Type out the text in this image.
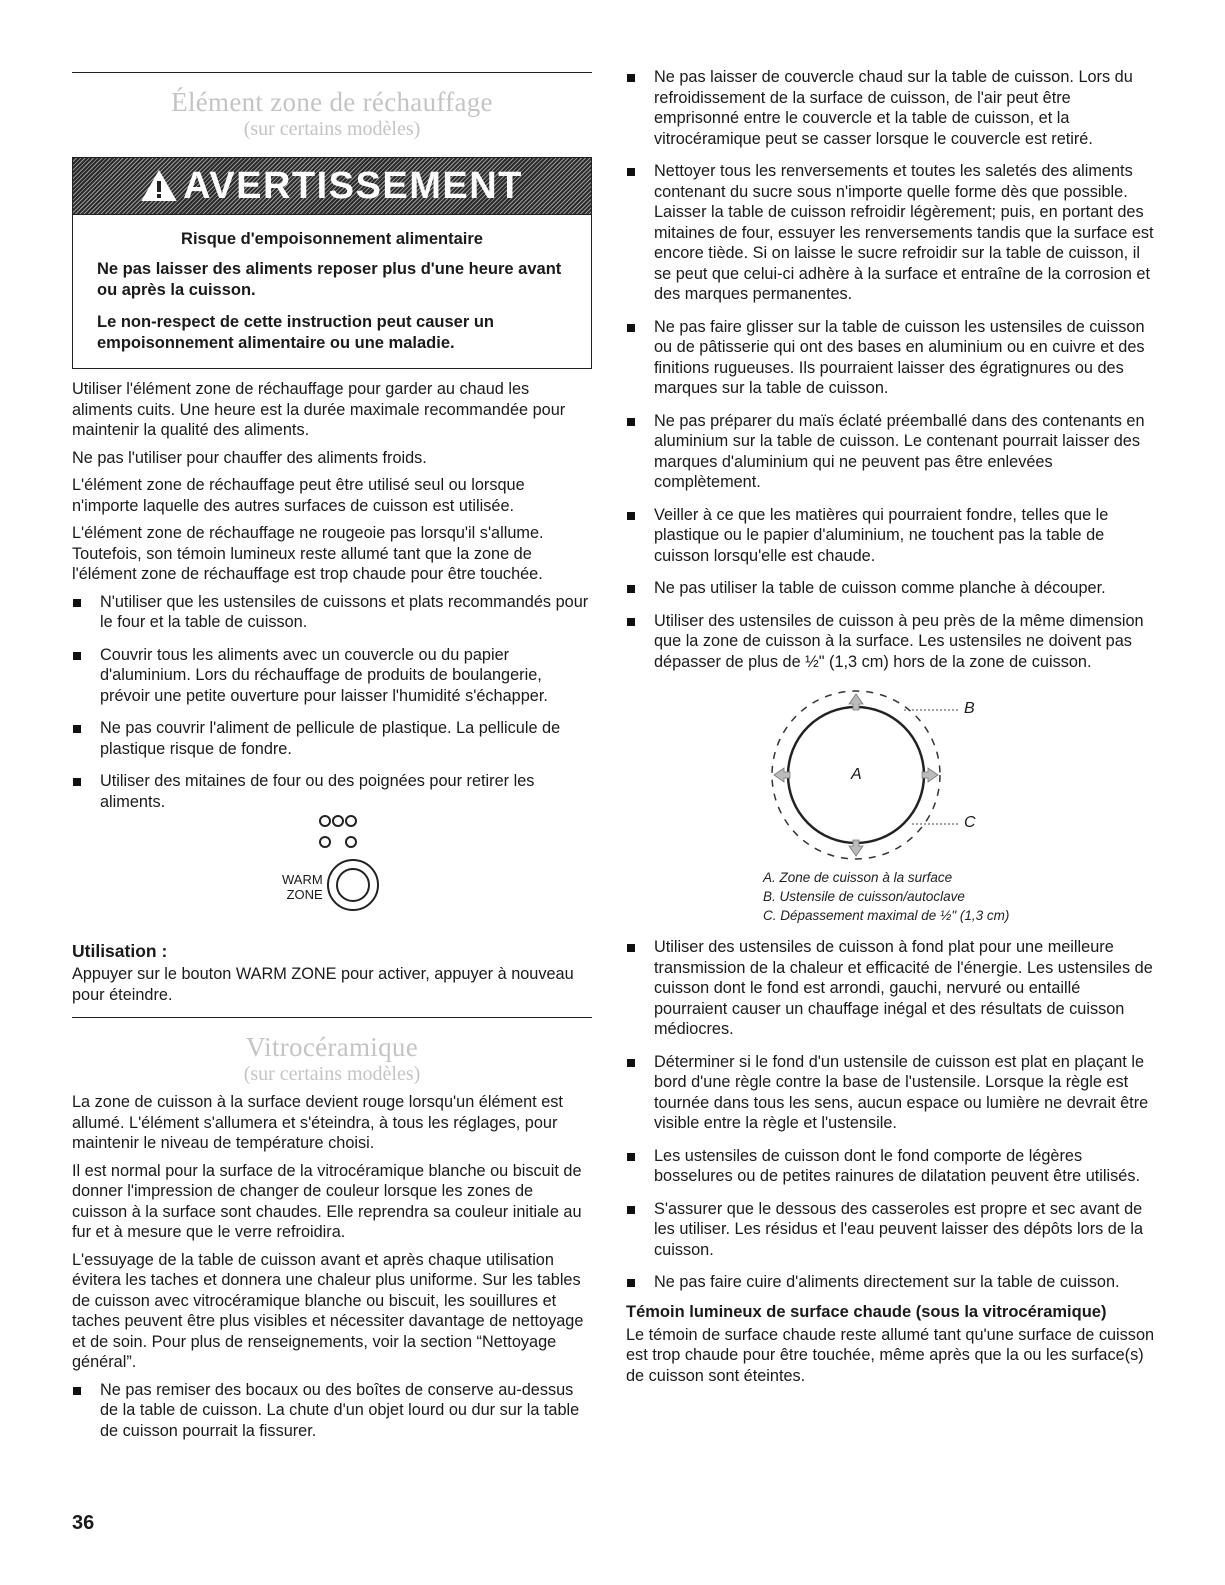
Élément zone de réchauffage
(sur certains modèles)
AVERTISSEMENT

Risque d'empoisonnement alimentaire

Ne pas laisser des aliments reposer plus d'une heure avant ou après la cuisson.

Le non-respect de cette instruction peut causer un empoisonnement alimentaire ou une maladie.

Utiliser l'élément zone de réchauffage pour garder au chaud les aliments cuits. Une heure est la durée maximale recommandée pour maintenir la qualité des aliments.

Ne pas l'utiliser pour chauffer des aliments froids.

L'élément zone de réchauffage peut être utilisé seul ou lorsque n'importe laquelle des autres surfaces de cuisson est utilisée.

L'élément zone de réchauffage ne rougeoie pas lorsqu'il s'allume. Toutefois, son témoin lumineux reste allumé tant que la zone de l'élément zone de réchauffage est trop chaude pour être touchée.

N'utiliser que les ustensiles de cuissons et plats recommandés pour le four et la table de cuisson.
Couvrir tous les aliments avec un couvercle ou du papier d'aluminium. Lors du réchauffage de produits de boulangerie, prévoir une petite ouverture pour laisser l'humidité s'échapper.
Ne pas couvrir l'aliment de pellicule de plastique. La pellicule de plastique risque de fondre.
Utiliser des mitaines de four ou des poignées pour retirer les aliments.
WARM
ZONE
Utilisation :

Appuyer sur le bouton WARM ZONE pour activer, appuyer à nouveau pour éteindre.

Vitrocéramique
(sur certains modèles)

La zone de cuisson à la surface devient rouge lorsqu'un élément est allumé. L'élément s'allumera et s'éteindra, à tous les réglages, pour maintenir le niveau de température choisi.

Il est normal pour la surface de la vitrocéramique blanche ou biscuit de donner l'impression de changer de couleur lorsque les zones de cuisson à la surface sont chaudes. Elle reprendra sa couleur initiale au fur et à mesure que le verre refroidira.

L'essuyage de la table de cuisson avant et après chaque utilisation évitera les taches et donnera une chaleur plus uniforme. Sur les tables de cuisson avec vitrocéramique blanche ou biscuit, les souillures et taches peuvent être plus visibles et nécessiter davantage de nettoyage et de soin. Pour plus de renseignements, voir la section “Nettoyage général”.

Ne pas remiser des bocaux ou des boîtes de conserve au-dessus de la table de cuisson. La chute d'un objet lourd ou dur sur la table de cuisson pourrait la fissurer.
Ne pas laisser de couvercle chaud sur la table de cuisson. Lors du refroidissement de la surface de cuisson, de l'air peut être emprisonné entre le couvercle et la table de cuisson, et la vitrocéramique peut se casser lorsque le couvercle est retiré.
Nettoyer tous les renversements et toutes les saletés des aliments contenant du sucre sous n'importe quelle forme dès que possible. Laisser la table de cuisson refroidir légèrement; puis, en portant des mitaines de four, essuyer les renversements tandis que la surface est encore tiède. Si on laisse le sucre refroidir sur la table de cuisson, il se peut que celui-ci adhère à la surface et entraîne de la corrosion et des marques permanentes.
Ne pas faire glisser sur la table de cuisson les ustensiles de cuisson ou de pâtisserie qui ont des bases en aluminium ou en cuivre et des finitions rugueuses. Ils pourraient laisser des égratignures ou des marques sur la table de cuisson.
Ne pas préparer du maïs éclaté préemballé dans des contenants en aluminium sur la table de cuisson. Le contenant pourrait laisser des marques d'aluminium qui ne peuvent pas être enlevées complètement.
Veiller à ce que les matières qui pourraient fondre, telles que le plastique ou le papier d'aluminium, ne touchent pas la table de cuisson lorsqu'elle est chaude.
Ne pas utiliser la table de cuisson comme planche à découper.
Utiliser des ustensiles de cuisson à peu près de la même dimension que la zone de cuisson à la surface. Les ustensiles ne doivent pas dépasser de plus de ½" (1,3 cm) hors de la zone de cuisson.
A
B
C
A. Zone de cuisson à la surface
B. Ustensile de cuisson/autoclave
C. Dépassement maximal de ½" (1,3 cm)
Utiliser des ustensiles de cuisson à fond plat pour une meilleure transmission de la chaleur et efficacité de l'énergie. Les ustensiles de cuisson dont le fond est arrondi, gauchi, nervuré ou entaillé pourraient causer un chauffage inégal et des résultats de cuisson médiocres.
Déterminer si le fond d'un ustensile de cuisson est plat en plaçant le bord d'une règle contre la base de l'ustensile. Lorsque la règle est tournée dans tous les sens, aucun espace ou lumière ne devrait être visible entre la règle et l'ustensile.
Les ustensiles de cuisson dont le fond comporte de légères bosselures ou de petites rainures de dilatation peuvent être utilisés.
S'assurer que le dessous des casseroles est propre et sec avant de les utiliser. Les résidus et l'eau peuvent laisser des dépôts lors de la cuisson.
Ne pas faire cuire d'aliments directement sur la table de cuisson.
Témoin lumineux de surface chaude (sous la vitrocéramique)

Le témoin de surface chaude reste allumé tant qu'une surface de cuisson est trop chaude pour être touchée, même après que la ou les surface(s) de cuisson sont éteintes.

36
